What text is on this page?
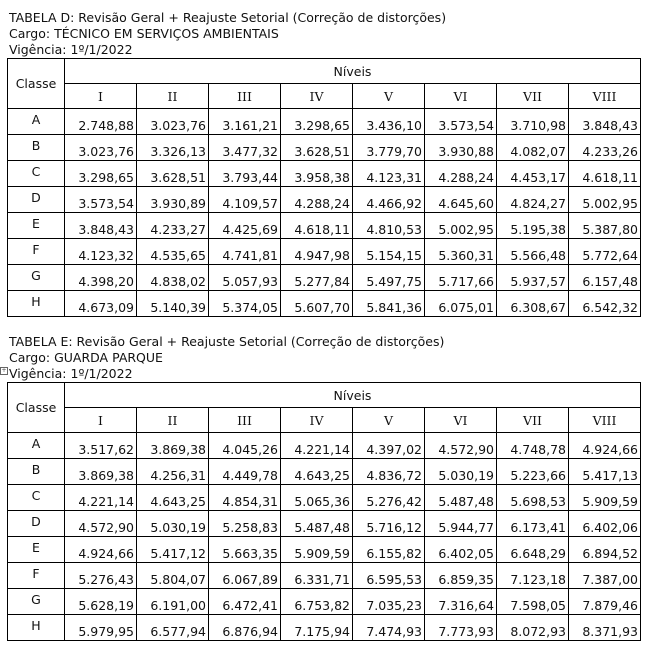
TABELA D: Revisão Geral + Reajuste Setorial (Correção de distorções)
Cargo: TÉCNICO EM SERVIÇOS AMBIENTAIS
Vigência: 1º/1/2022
Classe	Níveis							
	I	II	III	IV	V	VI	VII	VIII
A	2.748,88	3.023,76	3.161,21	3.298,65	3.436,10	3.573,54	3.710,98	3.848,43
B	3.023,76	3.326,13	3.477,32	3.628,51	3.779,70	3.930,88	4.082,07	4.233,26
C	3.298,65	3.628,51	3.793,44	3.958,38	4.123,31	4.288,24	4.453,17	4.618,11
D	3.573,54	3.930,89	4.109,57	4.288,24	4.466,92	4.645,60	4.824,27	5.002,95
E	3.848,43	4.233,27	4.425,69	4.618,11	4.810,53	5.002,95	5.195,38	5.387,80
F	4.123,32	4.535,65	4.741,81	4.947,98	5.154,15	5.360,31	5.566,48	5.772,64
G	4.398,20	4.838,02	5.057,93	5.277,84	5.497,75	5.717,66	5.937,57	6.157,48
H	4.673,09	5.140,39	5.374,05	5.607,70	5.841,36	6.075,01	6.308,67	6.542,32
TABELA E: Revisão Geral + Reajuste Setorial (Correção de distorções)
Cargo: GUARDA PARQUE
Vigência: 1º/1/2022
+
Classe	Níveis							
	I	II	III	IV	V	VI	VII	VIII
A	3.517,62	3.869,38	4.045,26	4.221,14	4.397,02	4.572,90	4.748,78	4.924,66
B	3.869,38	4.256,31	4.449,78	4.643,25	4.836,72	5.030,19	5.223,66	5.417,13
C	4.221,14	4.643,25	4.854,31	5.065,36	5.276,42	5.487,48	5.698,53	5.909,59
D	4.572,90	5.030,19	5.258,83	5.487,48	5.716,12	5.944,77	6.173,41	6.402,06
E	4.924,66	5.417,12	5.663,35	5.909,59	6.155,82	6.402,05	6.648,29	6.894,52
F	5.276,43	5.804,07	6.067,89	6.331,71	6.595,53	6.859,35	7.123,18	7.387,00
G	5.628,19	6.191,00	6.472,41	6.753,82	7.035,23	7.316,64	7.598,05	7.879,46
H	5.979,95	6.577,94	6.876,94	7.175,94	7.474,93	7.773,93	8.072,93	8.371,93
